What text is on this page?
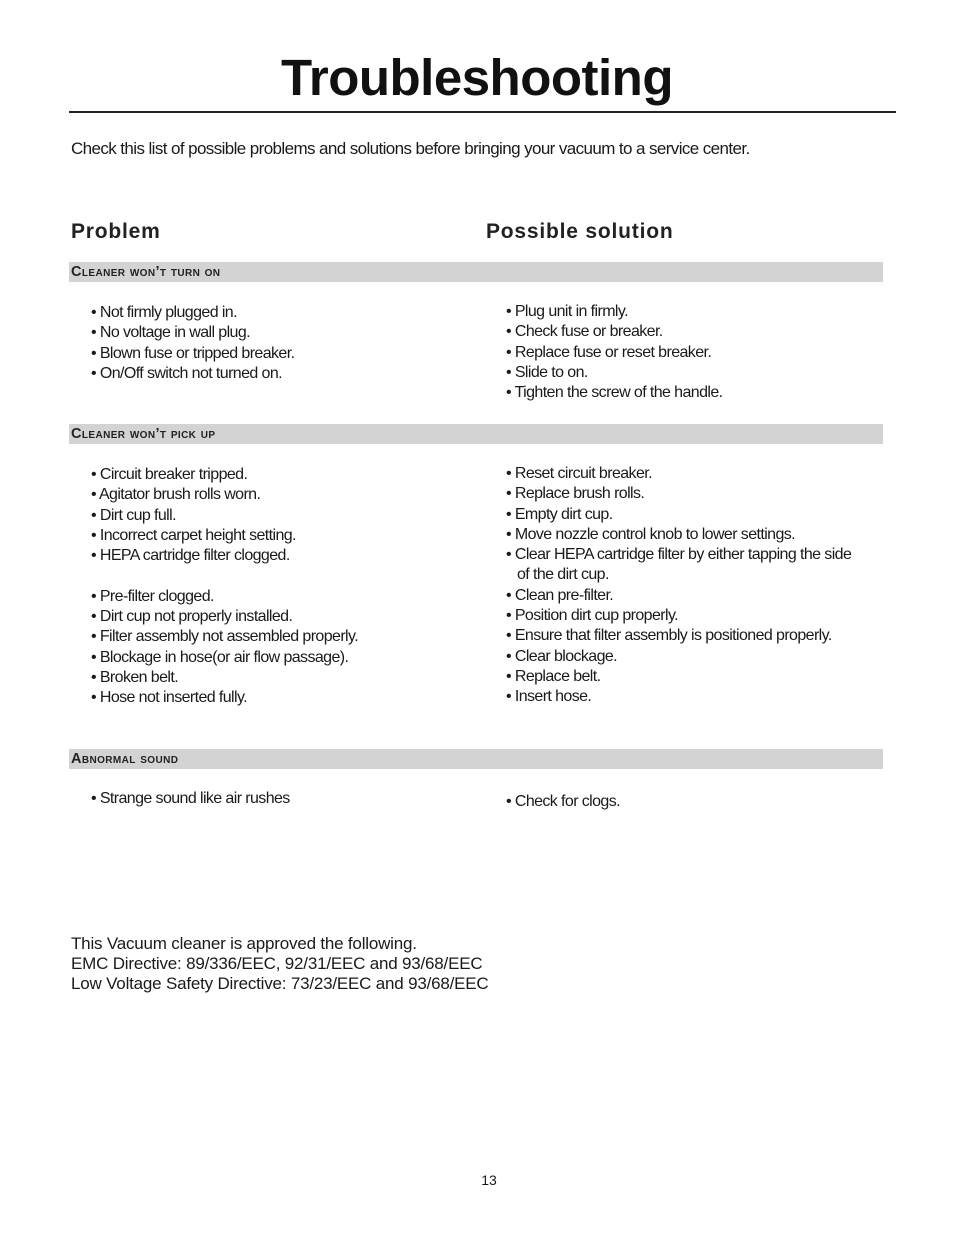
Troubleshooting
Check this list of possible problems and solutions before bringing your vacuum to a service center.
Problem	Possible solution
Cleaner won’t turn on
• Not firmly plugged in.
• No voltage in wall plug.
• Blown fuse or tripped breaker.
• On/Off switch not turned on.
• Plug unit in firmly.
• Check fuse or breaker.
• Replace fuse or reset breaker.
• Slide to on.
• Tighten the screw of the handle.
Cleaner won’t pick up
• Circuit breaker tripped.
• Agitator brush rolls worn.
• Dirt cup full.
• Incorrect carpet height setting.
• HEPA cartridge filter clogged.
• Pre-filter clogged.
• Dirt cup not properly installed.
• Filter assembly not assembled properly.
• Blockage in hose(or air flow passage).
• Broken belt.
• Hose not inserted fully.
• Reset circuit breaker.
• Replace brush rolls.
• Empty dirt cup.
• Move nozzle control knob to lower settings.
• Clear HEPA cartridge filter by either tapping the side of the dirt cup.
• Clean pre-filter.
• Position dirt cup properly.
• Ensure that filter assembly is positioned properly.
• Clear blockage.
• Replace belt.
• Insert hose.
Abnormal sound
• Strange sound like air rushes
•	Check for clogs.
This Vacuum cleaner is approved the following.
EMC Directive: 89/336/EEC, 92/31/EEC and 93/68/EEC
Low Voltage Safety Directive: 73/23/EEC and 93/68/EEC
13
